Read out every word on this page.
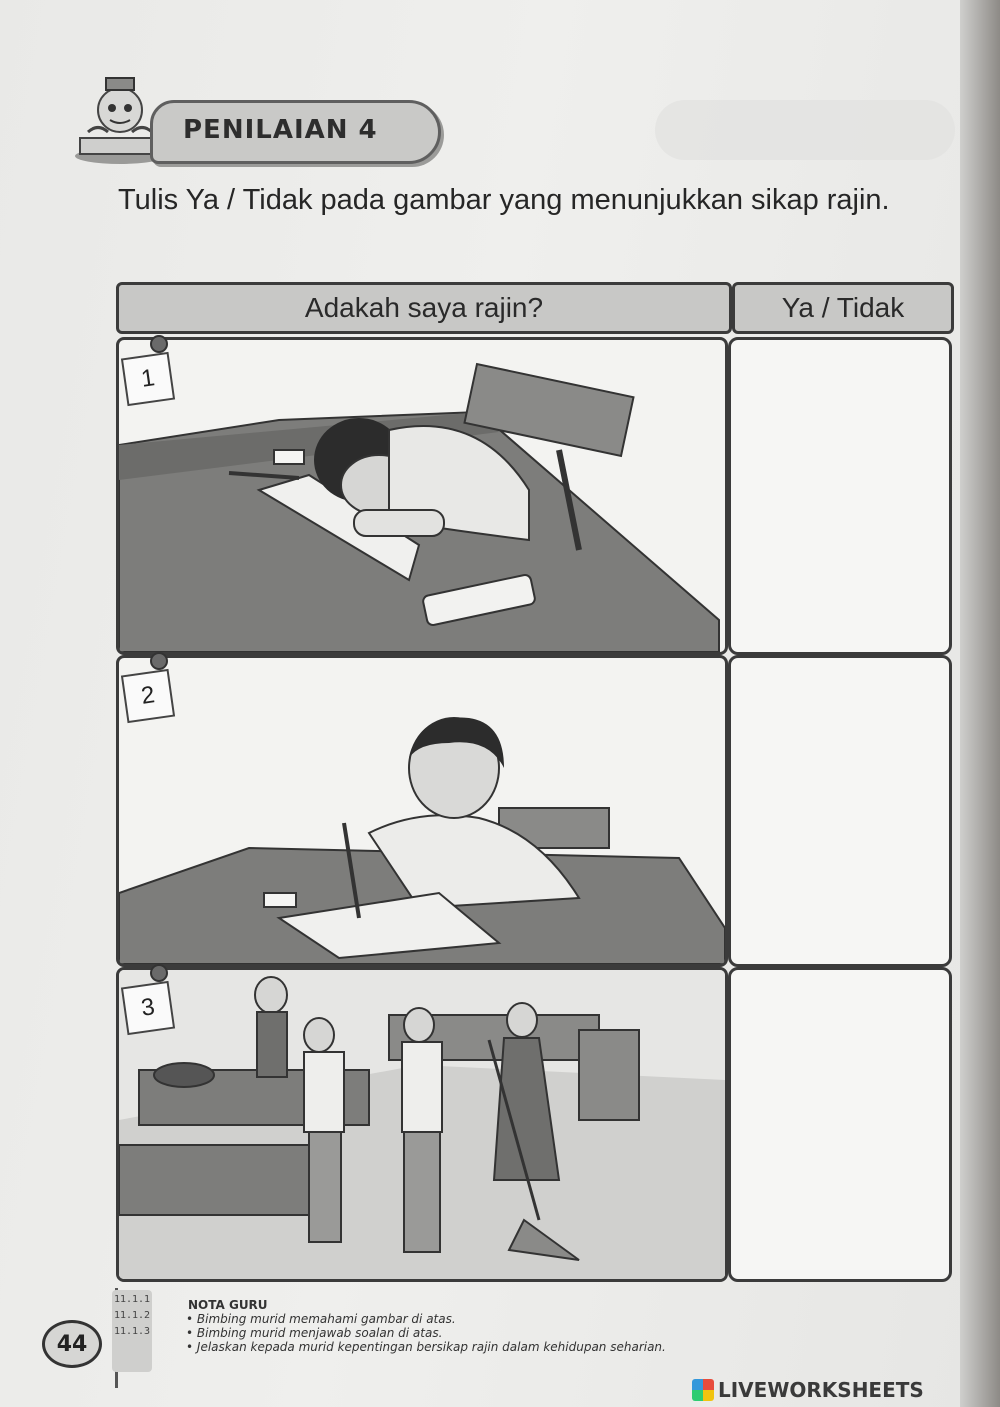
PENILAIAN 4
Tulis Ya / Tidak pada gambar yang menunjukkan sikap rajin.
Adakah saya rajin?	Ya / Tidak
1
2
3
11.1.1
11.1.2
11.1.3
NOTA GURU
• Bimbing murid memahami gambar di atas.
• Bimbing murid menjawab soalan di atas.
• Jelaskan kepada murid kepentingan bersikap rajin dalam kehidupan seharian.
44
LIVEWORKSHEETS
